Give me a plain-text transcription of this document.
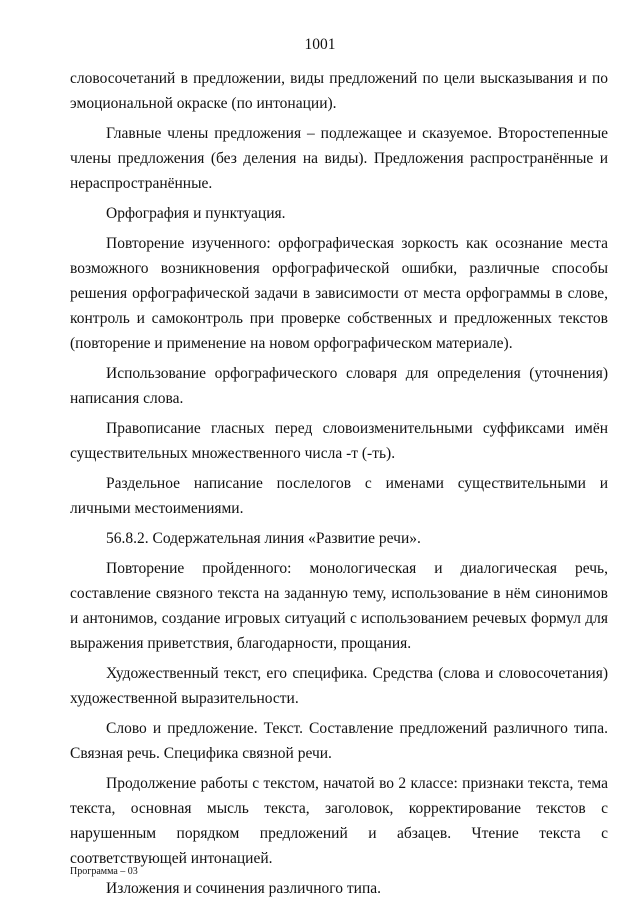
1001

словосочетаний в предложении, виды предложений по цели высказывания и по эмоциональной окраске (по интонации).

Главные члены предложения – подлежащее и сказуемое. Второстепенные члены предложения (без деления на виды). Предложения распространённые и нераспространённые.

Орфография и пунктуация.

Повторение изученного: орфографическая зоркость как осознание места возможного возникновения орфографической ошибки, различные способы решения орфографической задачи в зависимости от места орфограммы в слове, контроль и самоконтроль при проверке собственных и предложенных текстов (повторение и применение на новом орфографическом материале).

Использование орфографического словаря для определения (уточнения) написания слова.

Правописание гласных перед словоизменительными суффиксами имён существительных множественного числа -т (-ть).

Раздельное написание послелогов с именами существительными и личными местоимениями.

56.8.2. Содержательная линия «Развитие речи».

Повторение пройденного: монологическая и диалогическая речь, составление связного текста на заданную тему, использование в нём синонимов и антонимов, создание игровых ситуаций с использованием речевых формул для выражения приветствия, благодарности, прощания.

Художественный текст, его специфика. Средства (слова и словосочетания) художественной выразительности.

Слово и предложение. Текст. Составление предложений различного типа. Связная речь. Специфика связной речи.

Продолжение работы с текстом, начатой во 2 классе: признаки текста, тема текста, основная мысль текста, заголовок, корректирование текстов с нарушенным порядком предложений и абзацев. Чтение текста с соответствующей интонацией.

Изложения и сочинения различного типа.

Программа – 03
